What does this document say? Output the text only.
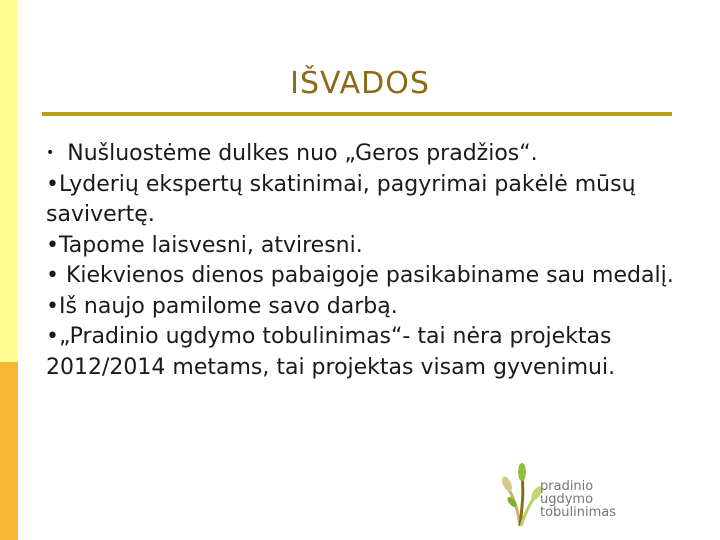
IŠVADOS

• Nušluostėme dulkes nuo „Geros pradžios“.

•Lyderių ekspertų skatinimai, pagyrimai pakėlė mūsų savivertę.

•Tapome laisvesni, atviresni.

• Kiekvienos dienos pabaigoje pasikabiname sau medalį.

•Iš naujo pamilome savo darbą.

•„Pradinio ugdymo tobulinimas“- tai nėra projektas 2012/2014 metams, tai projektas visam gyvenimui.

pradinio
ugdymo
tobulinimas
